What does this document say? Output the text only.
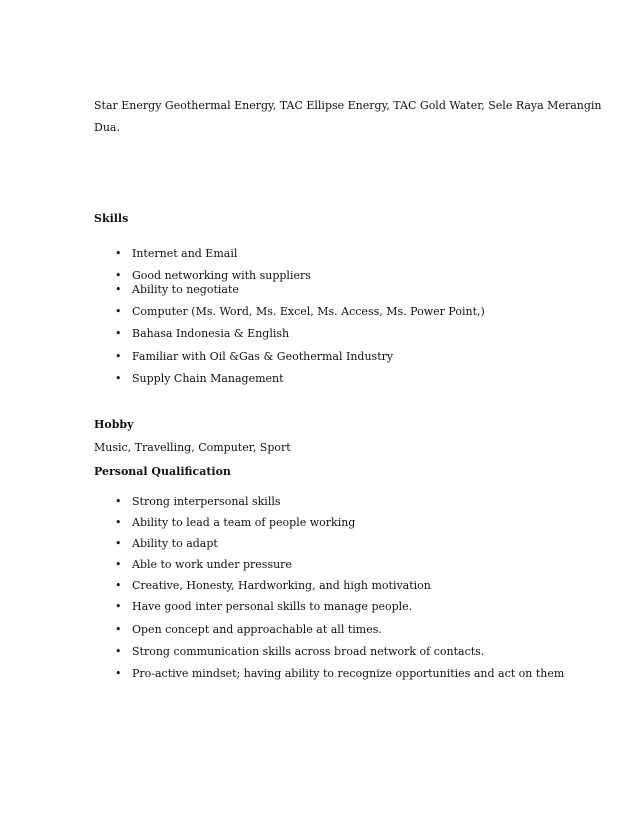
Star Energy Geothermal Energy, TAC Ellipse Energy, TAC Gold Water, Sele Raya Merangin
Dua.
Skills
• Internet and Email
• Good networking with suppliers
• Ability to negotiate
• Computer (Ms. Word, Ms. Excel, Ms. Access, Ms. Power Point,)
• Bahasa Indonesia & English
• Familiar with Oil &Gas & Geothermal Industry
• Supply Chain Management
Hobby
Music, Travelling, Computer, Sport
Personal Qualification
• Strong interpersonal skills
• Ability to lead a team of people working
• Ability to adapt
• Able to work under pressure
• Creative, Honesty, Hardworking, and high motivation
• Have good inter personal skills to manage people.
• Open concept and approachable at all times.
• Strong communication skills across broad network of contacts.
• Pro-active mindset; having ability to recognize opportunities and act on them
